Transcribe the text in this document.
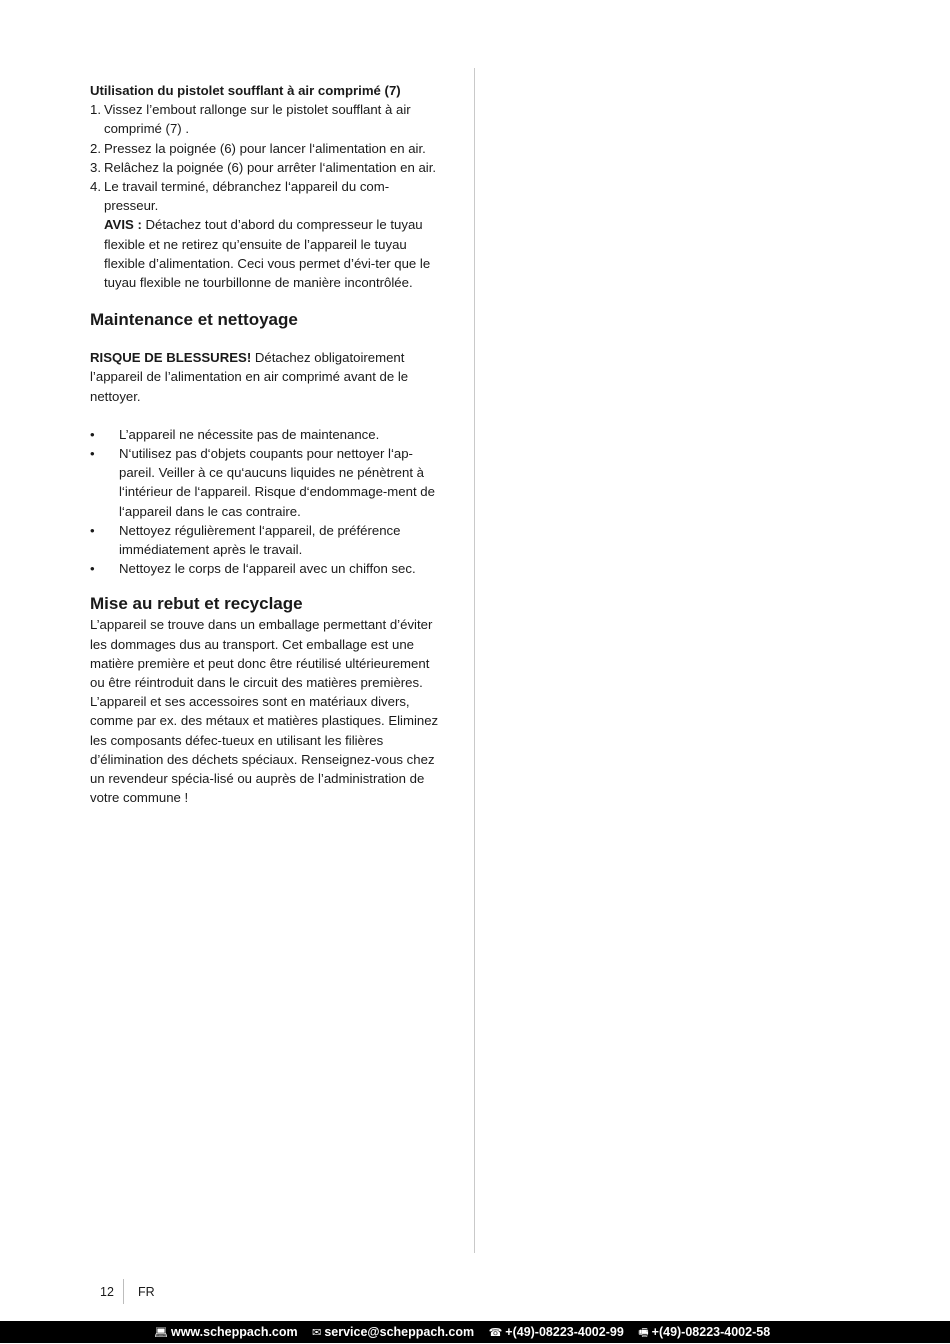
Utilisation du pistolet soufflant à air comprimé (7)

1. Vissez l’embout rallonge sur le pistolet soufflant à air comprimé (7) .
2. Pressez la poignée (6) pour lancer l‘alimentation en air.
3. Relâchez la poignée (6) pour arrêter l‘alimentation en air.
4. Le travail terminé, débranchez l‘appareil du com-presseur.

AVIS : Détachez tout d’abord du compresseur le tuyau flexible et ne retirez qu’ensuite de l’appareil le tuyau flexible d’alimentation. Ceci vous permet d’évi-ter que le tuyau flexible ne tourbillonne de manière incontrôlée.

Maintenance et nettoyage

RISQUE DE BLESSURES! Détachez obligatoirement l’appareil de l’alimentation en air comprimé avant de le nettoyer.

• L’appareil ne nécessite pas de maintenance.
• N‘utilisez pas d‘objets coupants pour nettoyer l‘ap-pareil. Veiller à ce qu‘aucuns liquides ne pénètrent à l‘intérieur de l‘appareil. Risque d‘endommage-ment de l‘appareil dans le cas contraire.
• Nettoyez régulièrement l‘appareil, de préférence immédiatement après le travail.
• Nettoyez le corps de l‘appareil avec un chiffon sec.
Mise au rebut et recyclage

L’appareil se trouve dans un emballage permettant d’éviter les dommages dus au transport. Cet emballage est une matière première et peut donc être réutilisé ultérieurement ou être réintroduit dans le circuit des matières premières. L’appareil et ses accessoires sont en matériaux divers, comme par ex. des métaux et matières plastiques. Eliminez les composants défec-tueux en utilisant les filières d’élimination des déchets spéciaux. Renseignez-vous chez un revendeur spécia-lisé ou auprès de l’administration de votre commune !

12 FR
💻︎ www.scheppach.com ✉ service@scheppach.com ☎ +(49)-08223-4002-99 🖷︎ +(49)-08223-4002-58
